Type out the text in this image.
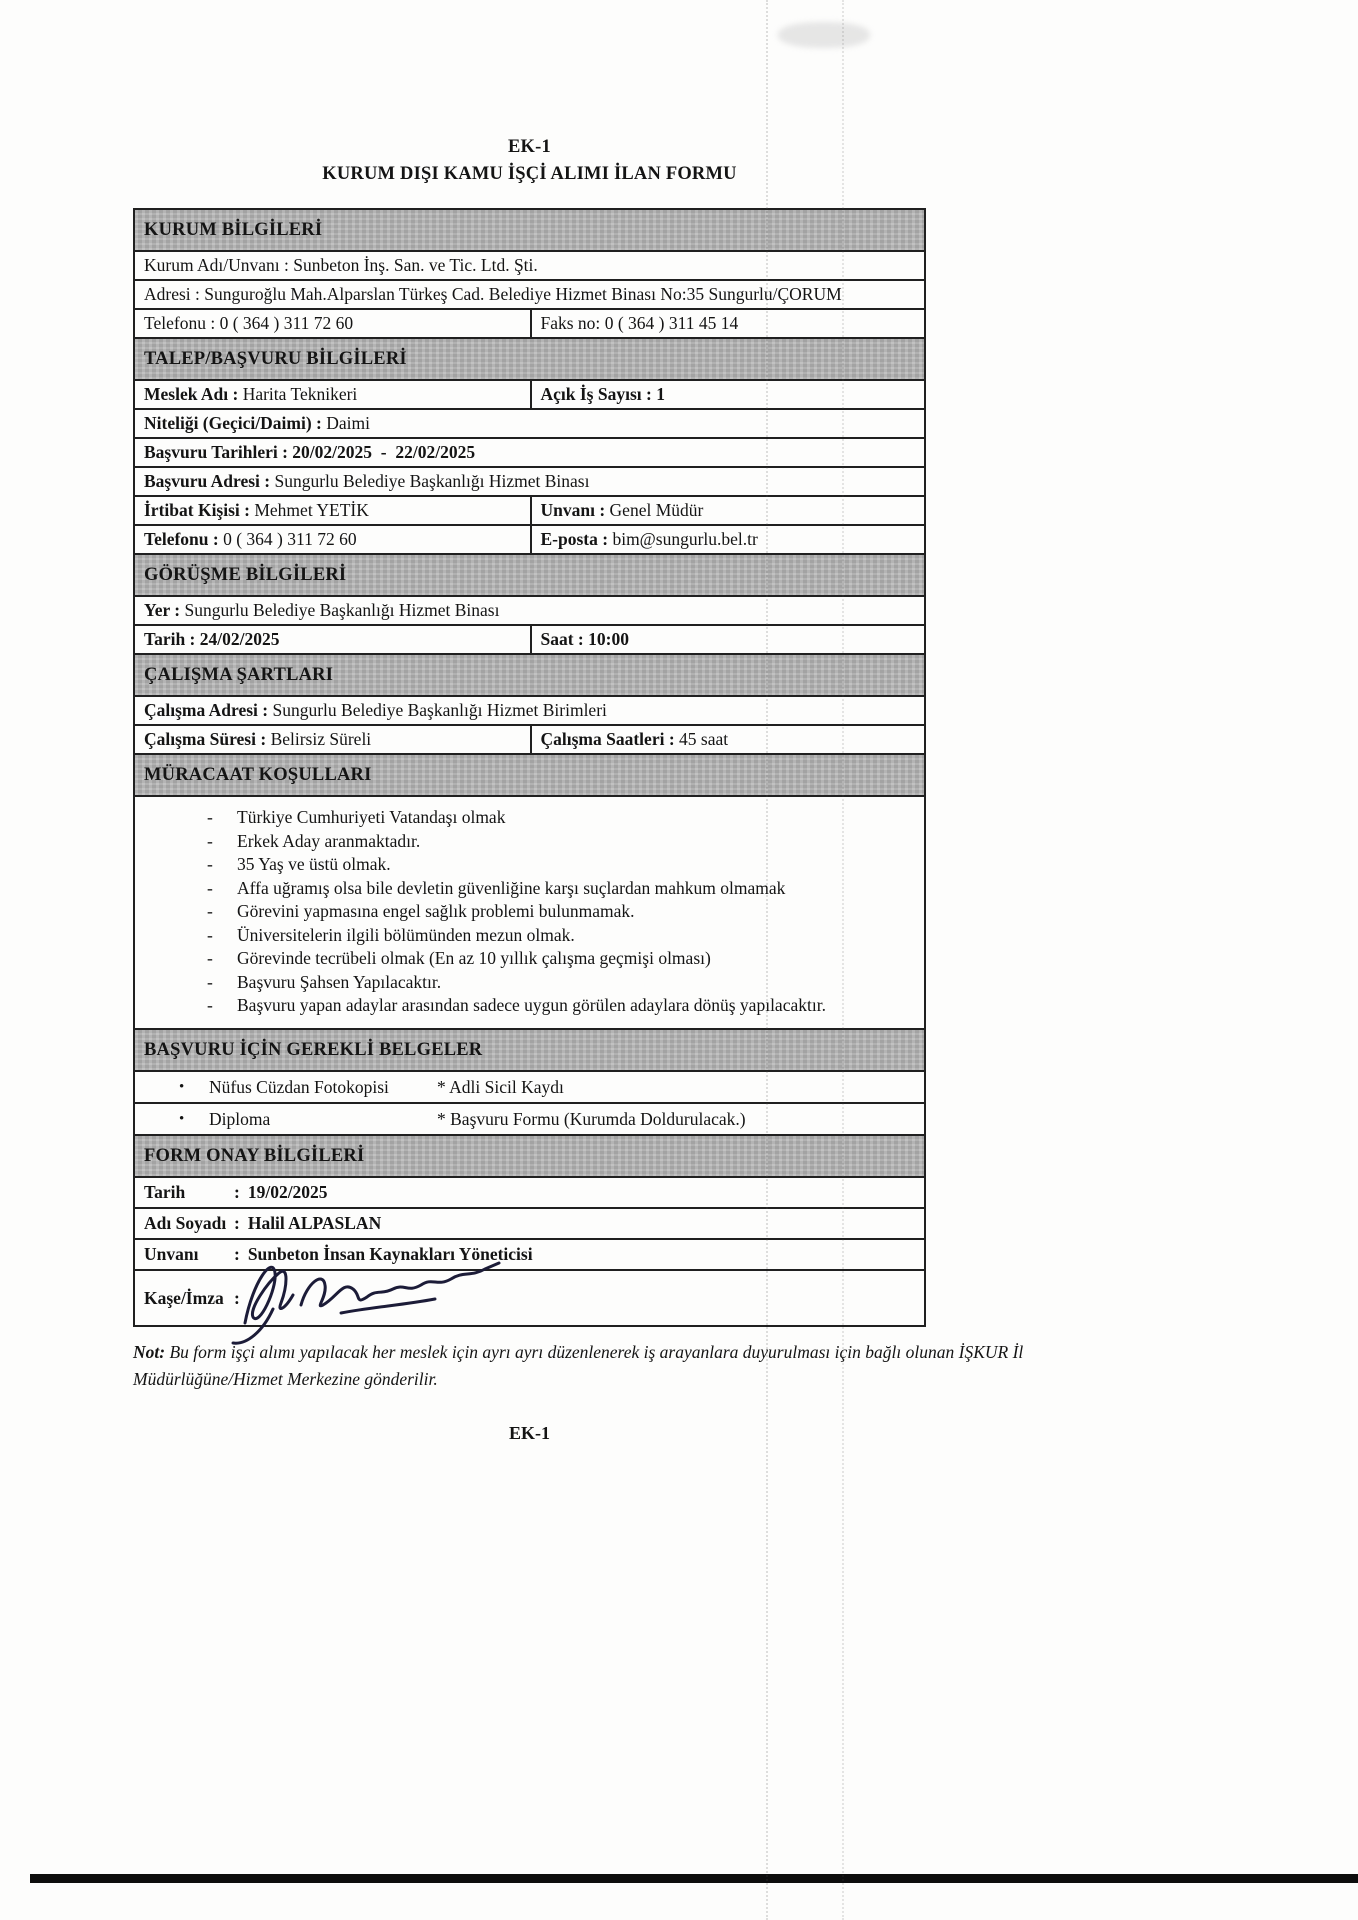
EK-1
KURUM DIŞI KAMU İŞÇİ ALIMI İLAN FORMU
KURUM BİLGİLERİ
Kurum Adı/Unvanı : Sunbeton İnş. San. ve Tic. Ltd. Şti.
Adresi : Sunguroğlu Mah.Alparslan Türkeş Cad. Belediye Hizmet Binası No:35 Sungurlu/ÇORUM
Telefonu : 0 ( 364 ) 311 72 60	Faks no: 0 ( 364 ) 311 45 14
TALEP/BAŞVURU BİLGİLERİ
Meslek Adı : Harita Teknikeri	Açık İş Sayısı : 1
Niteliği (Geçici/Daimi) : Daimi
Başvuru Tarihleri : 20/02/2025  -  22/02/2025
Başvuru Adresi : Sungurlu Belediye Başkanlığı Hizmet Binası
İrtibat Kişisi : Mehmet YETİK	Unvanı : Genel Müdür
Telefonu : 0 ( 364 ) 311 72 60	E-posta : bim@sungurlu.bel.tr
GÖRÜŞME BİLGİLERİ
Yer : Sungurlu Belediye Başkanlığı Hizmet Binası
Tarih : 24/02/2025	Saat : 10:00
ÇALIŞMA ŞARTLARI
Çalışma Adresi : Sungurlu Belediye Başkanlığı Hizmet Birimleri
Çalışma Süresi : Belirsiz Süreli	Çalışma Saatleri : 45 saat
MÜRACAAT KOŞULLARI
-	Türkiye Cumhuriyeti Vatandaşı olmak
-	Erkek Aday aranmaktadır.
-	35 Yaş ve üstü olmak.
-	Affa uğramış olsa bile devletin güvenliğine karşı suçlardan mahkum olmamak
-	Görevini yapmasına engel sağlık problemi bulunmamak.
-	Üniversitelerin ilgili bölümünden mezun olmak.
-	Görevinde tecrübeli olmak (En az 10 yıllık çalışma geçmişi olması)
-	Başvuru Şahsen Yapılacaktır.
-	Başvuru yapan adaylar arasından sadece uygun görülen adaylara dönüş yapılacaktır.
BAŞVURU İÇİN GEREKLİ BELGELER
•	Nüfus Cüzdan Fotokopisi	* Adli Sicil Kaydı
•	Diploma	* Başvuru Formu (Kurumda Doldurulacak.)
FORM ONAY BİLGİLERİ
Tarih	: 19/02/2025
Adı Soyadı : Halil ALPASLAN
Unvanı : Sunbeton İnsan Kaynakları Yöneticisi
Kaşe/İmza :

Not: Bu form işçi alımı yapılacak her meslek için ayrı ayrı düzenlenerek iş arayanlara duyurulması için bağlı olunan İŞKUR İl Müdürlüğüne/Hizmet Merkezine gönderilir.

EK-1
